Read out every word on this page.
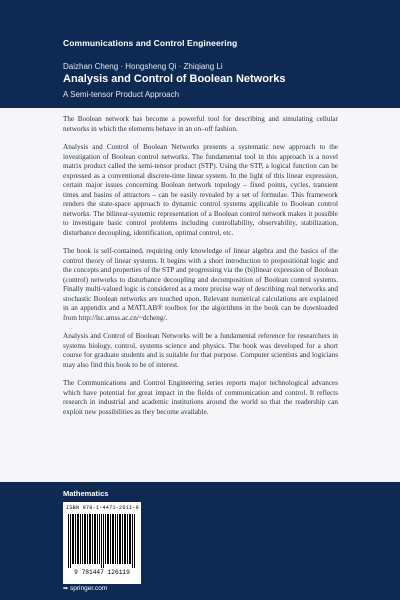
Communications and Control Engineering
Daizhan Cheng · Hongsheng Qi · Zhiqiang Li
Analysis and Control of Boolean Networks
A Semi-tensor Product Approach

The Boolean network has become a powerful tool for describing and simulating cellular networks in which the elements behave in an on–off fashion.

Analysis and Control of Boolean Networks presents a systematic new approach to the investigation of Boolean control networks. The fundamental tool in this approach is a novel matrix product called the semi-tensor product (STP). Using the STP, a logical function can be expressed as a conventional discrete-time linear system. In the light of this linear expression, certain major issues concerning Boolean network topology – fixed points, cycles, transient times and basins of attractors – can be easily revealed by a set of formulae. This framework renders the state-space approach to dynamic control systems applicable to Boolean control networks. The bilinear-systemic representation of a Boolean control network makes it possible to investigate basic control problems including controllability, observability, stabilization, disturbance decoupling, identification, optimal control, etc.

The book is self-contained, requiring only knowledge of linear algebra and the basics of the control theory of linear systems. It begins with a short introduction to prepositional logic and the concepts and properties of the STP and progressing via the (bi)linear expression of Boolean (control) networks to disturbance decoupling and decomposition of Boolean control systems. Finally multi-valued logic is considered as a more precise way of describing real networks and stochastic Boolean networks are touched upon. Relevant numerical calculations are explained in an appendix and a MATLAB® toolbox for the algorithms in the book can be downloaded from http://lsc.amss.ac.cn/~dcheng/.

Analysis and Control of Boolean Networks will be a fundamental reference for researchers in systems biology, control, systems science and physics. The book was developed for a short course for graduate students and is suitable for that purpose. Computer scientists and logicians may also find this book to be of interest.

The Communications and Control Engineering series reports major technological advances which have potential for great impact in the fields of communication and control. It reflects research in industrial and academic institutions around the world so that the readership can exploit new possibilities as they become available.

Mathematics
ISBN 978-1-4471-2611-9
9 781447 126119
➡ springer.com
